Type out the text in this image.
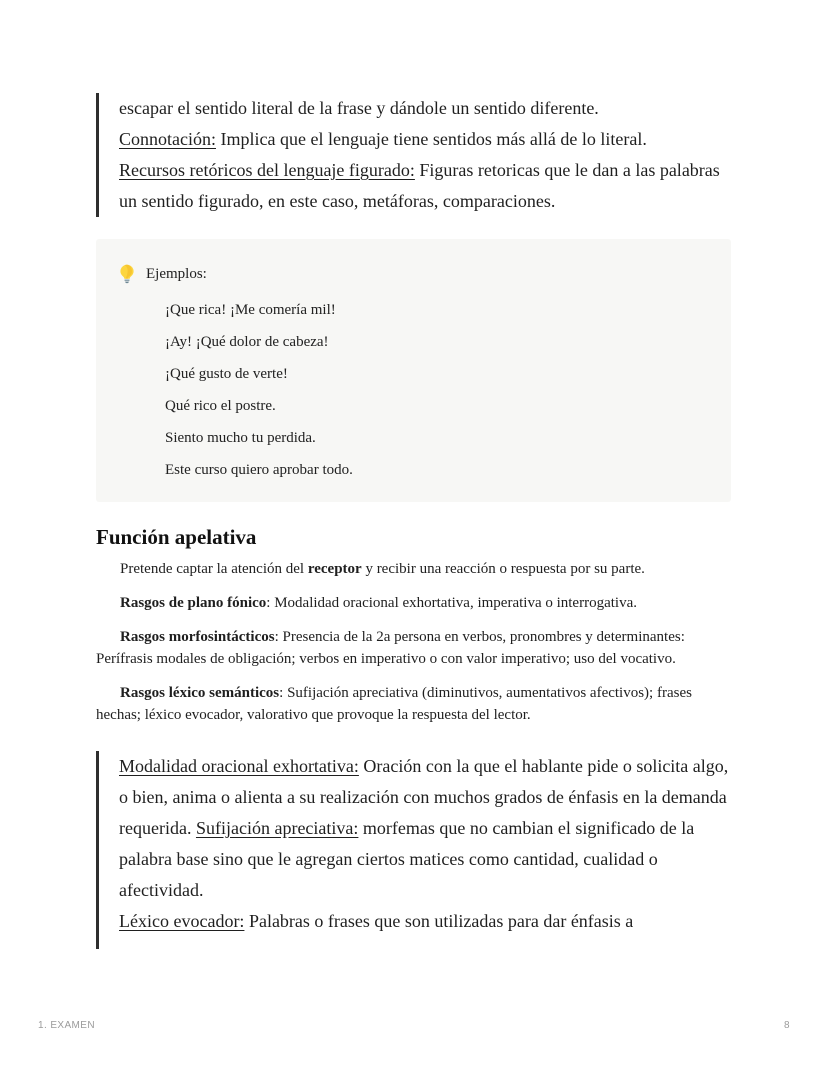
escapar el sentido literal de la frase y dándole un sentido diferente.

Connotación: Implica que el lenguaje tiene sentidos más allá de lo literal.

Recursos retóricos del lenguaje figurado: Figuras retoricas que le dan a las palabras un sentido figurado, en este caso, metáforas, comparaciones.

Ejemplos:

¡Que rica! ¡Me comería mil!

¡Ay! ¡Qué dolor de cabeza!

¡Qué gusto de verte!

Qué rico el postre.

Siento mucho tu perdida.

Este curso quiero aprobar todo.

Función apelativa

Pretende captar la atención del receptor y recibir una reacción o respuesta por su parte.

Rasgos de plano fónico: Modalidad oracional exhortativa, imperativa o interrogativa.

Rasgos morfosintácticos: Presencia de la 2a persona en verbos, pronombres y determinantes: Perífrasis modales de obligación; verbos en imperativo o con valor imperativo; uso del vocativo.

Rasgos léxico semánticos: Sufijación apreciativa (diminutivos, aumentativos afectivos); frases hechas; léxico evocador, valorativo que provoque la respuesta del lector.

Modalidad oracional exhortativa: Oración con la que el hablante pide o solicita algo, o bien, anima o alienta a su realización con muchos grados de énfasis en la demanda requerida. Sufijación apreciativa: morfemas que no cambian el significado de la palabra base sino que le agregan ciertos matices como cantidad, cualidad o afectividad.

Léxico evocador: Palabras o frases que son utilizadas para dar énfasis a

1. EXAMEN	8
